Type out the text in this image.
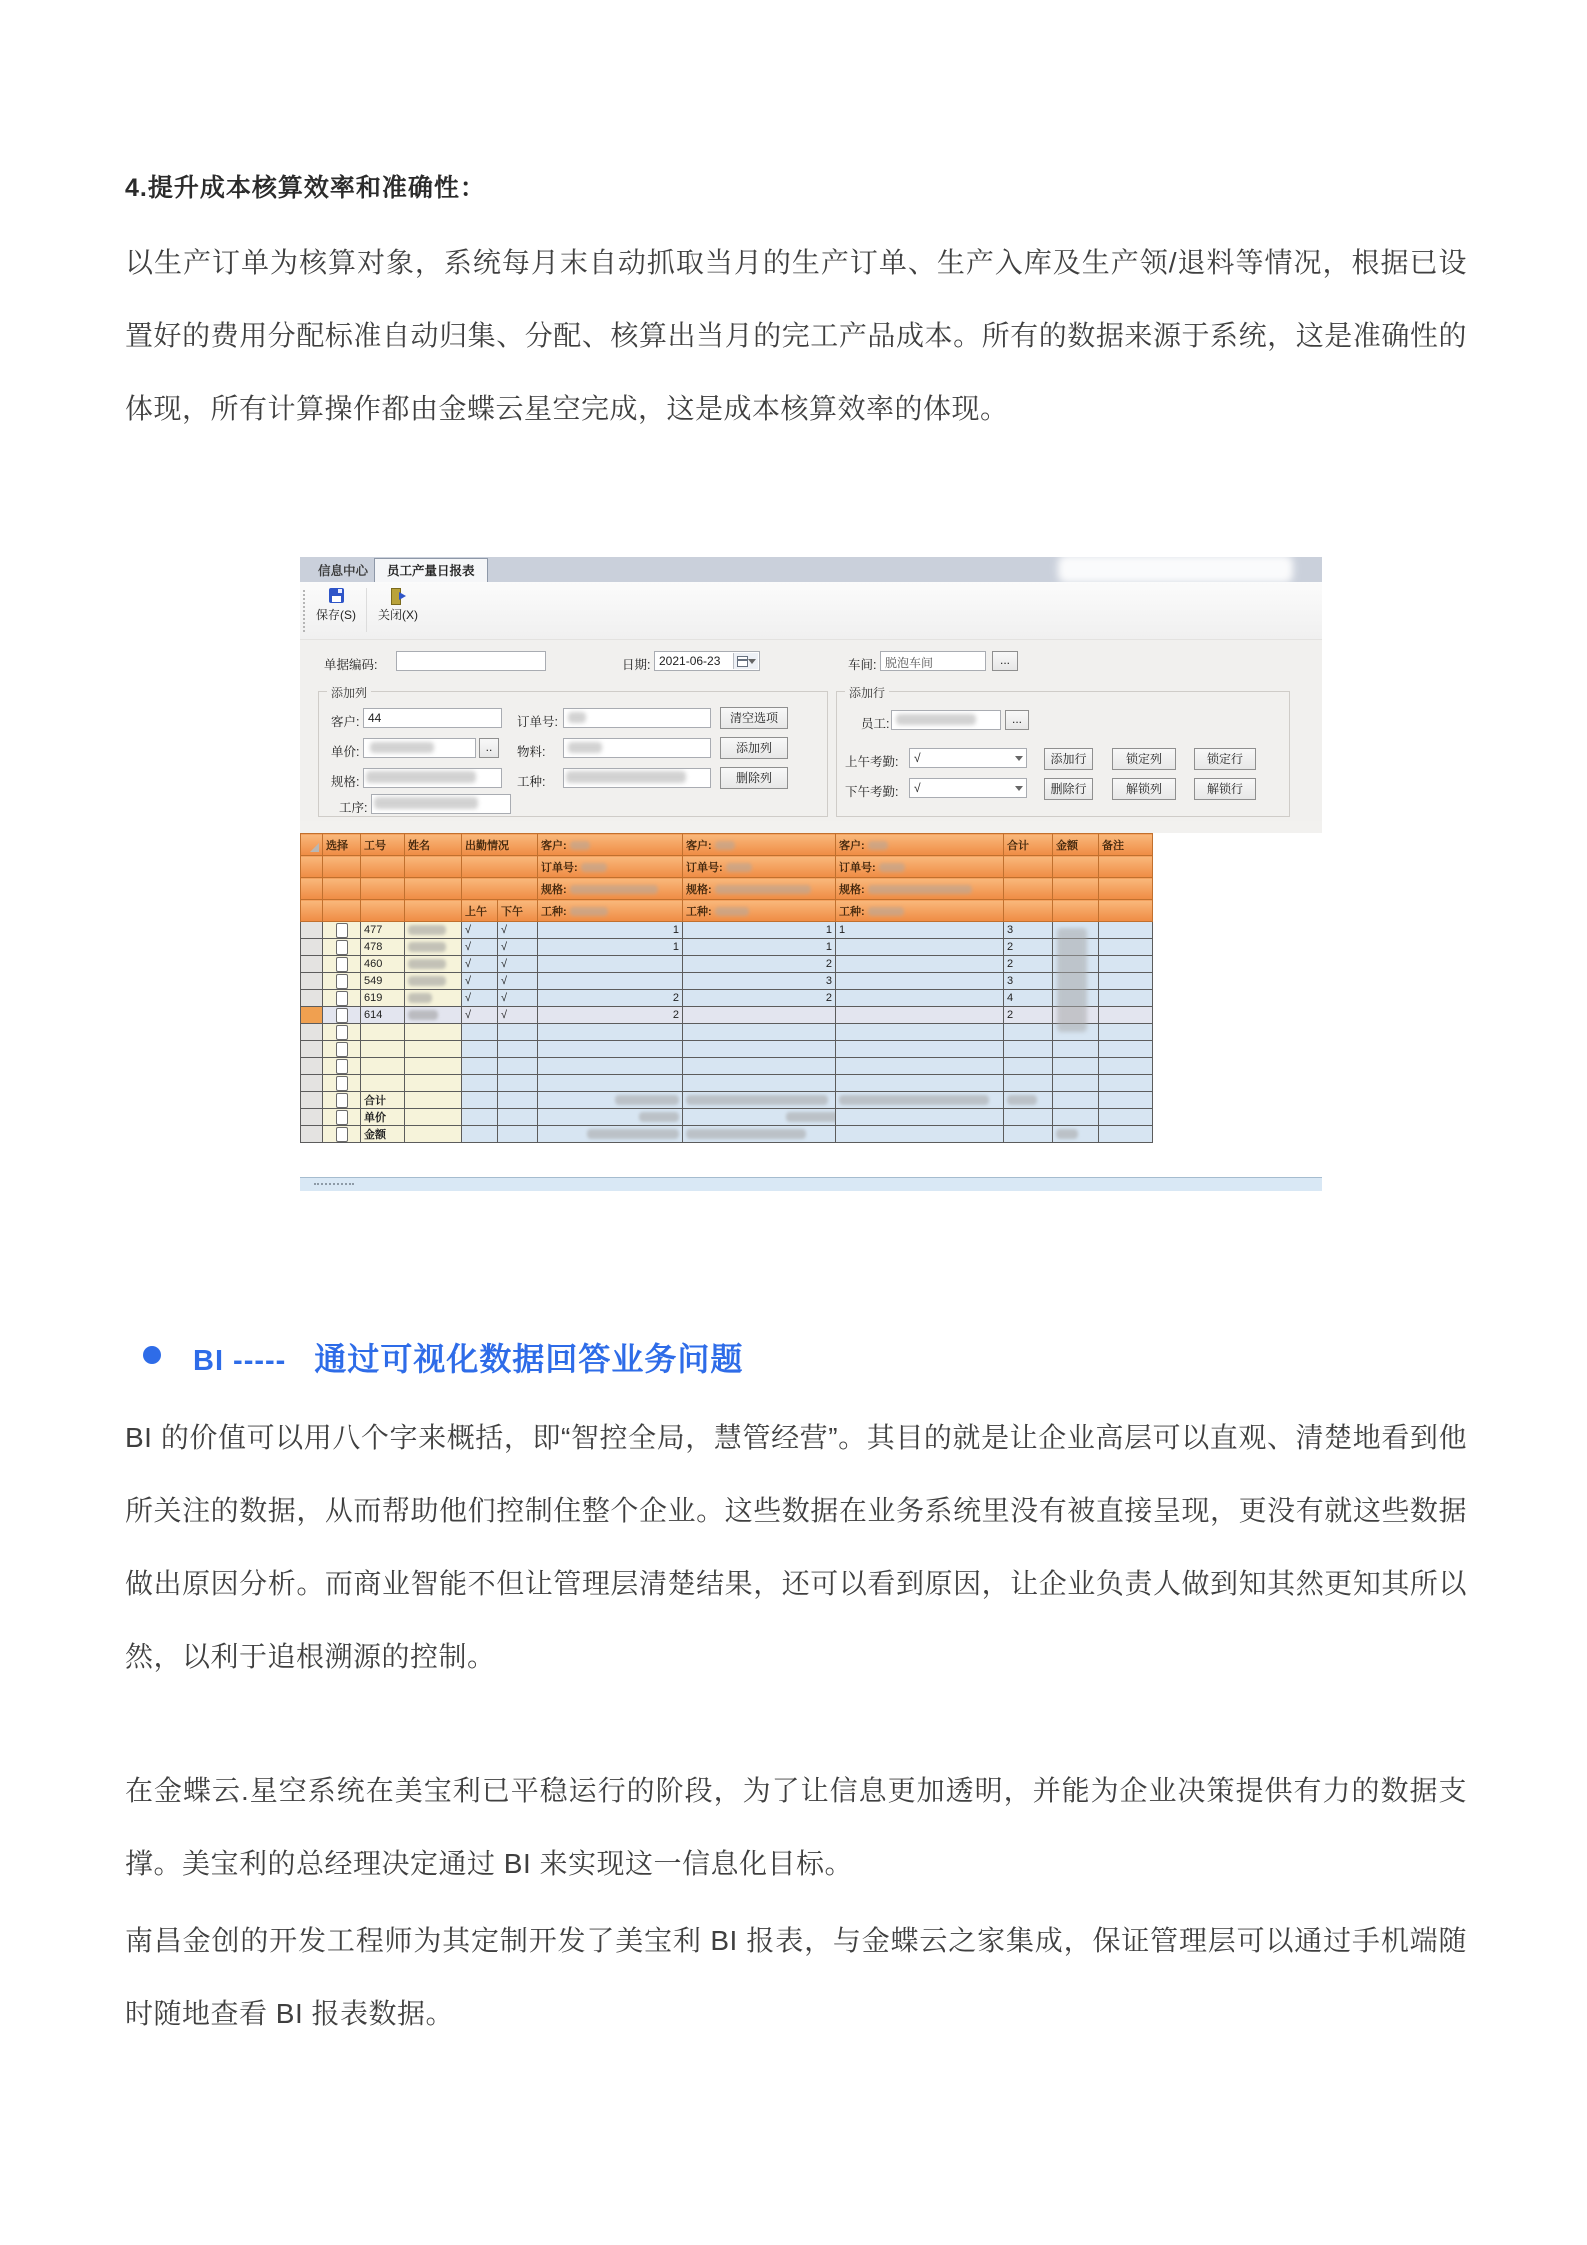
4.提升成本核算效率和准确性：
以生产订单为核算对象，系统每月末自动抓取当月的生产订单、生产入库及生产领/退料等情况，根据已设置好的费用分配标准自动归集、分配、核算出当月的完工产品成本。所有的数据来源于系统，这是准确性的体现，所有计算操作都由金蝶云星空完成，这是成本核算效率的体现。
信息中心	员工产量日报表

保存(S)	关闭(X)
单据编码:	日期: 2021-06-23	车间: 脱泡车间	...
添加列
客户: 44	订单号:	清空选项
单价:	..	物料:	添加列
规格:	工种:	删除列
工序:
添加行
员工:	...
上午考勤:	√	添加行	锁定列	锁定行
下午考勤:	√	删除行	解锁列	解锁行
	选择	工号	姓名	出勤情况		客户:	客户:	客户:	合计	金额	备注
						订单号:	订单号:	订单号:			
						规格:	规格:	规格:			
				上午	下午	工种:	工种:	工种:			
		477		√	√	1	1	1	3		
		478		√	√	1	1		2		
		460		√	√		2		2		
		549		√	√		3		3		
		619		√	√	2	2		4		
		614		√	√	2			2		

		合计									
		单价									
		金额									
BI ----- 通过可视化数据回答业务问题
BI 的价值可以用八个字来概括，即“智控全局，慧管经营”。其目的就是让企业高层可以直观、清楚地看到他所关注的数据，从而帮助他们控制住整个企业。这些数据在业务系统里没有被直接呈现，更没有就这些数据做出原因分析。而商业智能不但让管理层清楚结果，还可以看到原因，让企业负责人做到知其然更知其所以然，以利于追根溯源的控制。
在金蝶云.星空系统在美宝利已平稳运行的阶段，为了让信息更加透明，并能为企业决策提供有力的数据支撑。美宝利的总经理决定通过 BI 来实现这一信息化目标。
南昌金创的开发工程师为其定制开发了美宝利 BI 报表，与金蝶云之家集成，保证管理层可以通过手机端随时随地查看 BI 报表数据。
